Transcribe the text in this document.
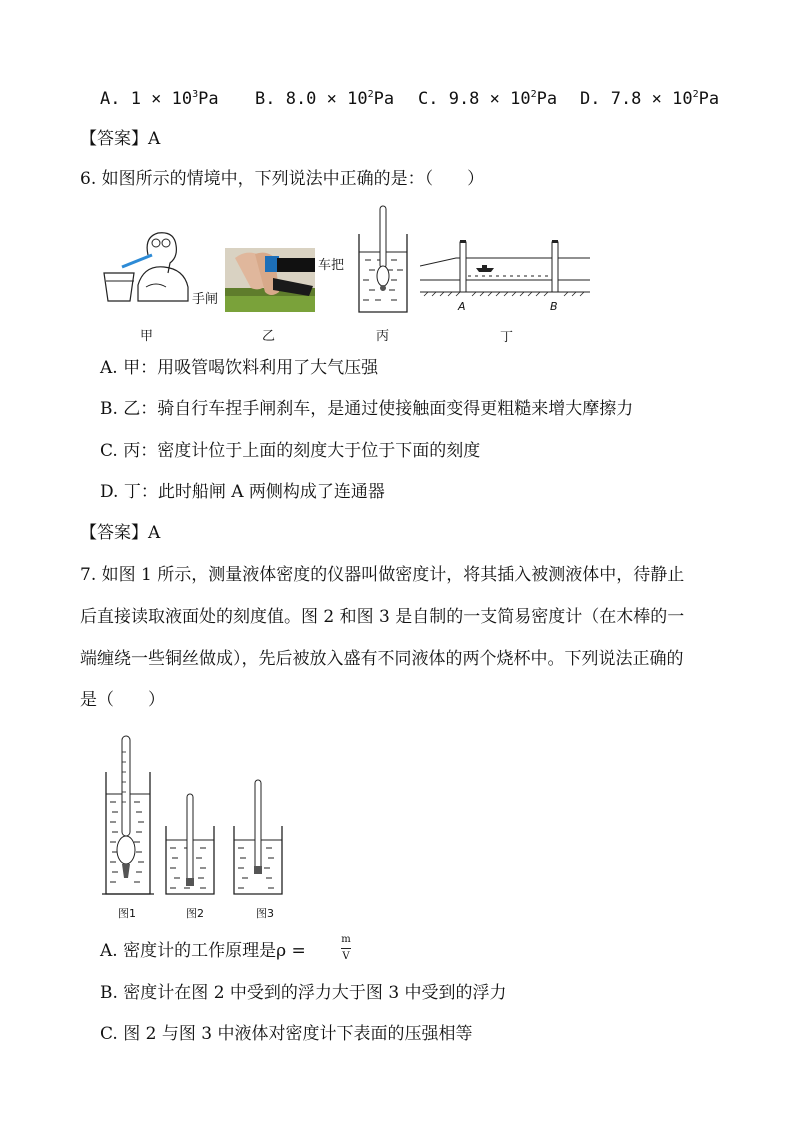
A. $1 \times 10^3Pa$ B. $8.0 \times 10^2Pa$ C. $9.8 \times 10^2Pa$ D. $7.8 \times 10^2Pa$
【答案】A
6. 如图所示的情境中，下列说法中正确的是：（　　）
手闸
甲
车把
乙	丙
A	B
丁
A. 甲：用吸管喝饮料利用了大气压强
B. 乙：骑自行车捏手闸刹车，是通过使接触面变得更粗糙来增大摩擦力
C. 丙：密度计位于上面的刻度大于位于下面的刻度
D. 丁：此时船闸 A 两侧构成了连通器
【答案】A
7. 如图 1 所示，测量液体密度的仪器叫做密度计，将其插入被测液体中，待静止
后直接读取液面处的刻度值。图 2 和图 3 是自制的一支简易密度计（在木棒的一
端缠绕一些铜丝做成），先后被放入盛有不同液体的两个烧杯中。下列说法正确的
是（　　）
图1	图2	图3
A. 密度计的工作原理是ρ =
m
V
B. 密度计在图 2 中受到的浮力大于图 3 中受到的浮力
C. 图 2 与图 3 中液体对密度计下表面的压强相等
